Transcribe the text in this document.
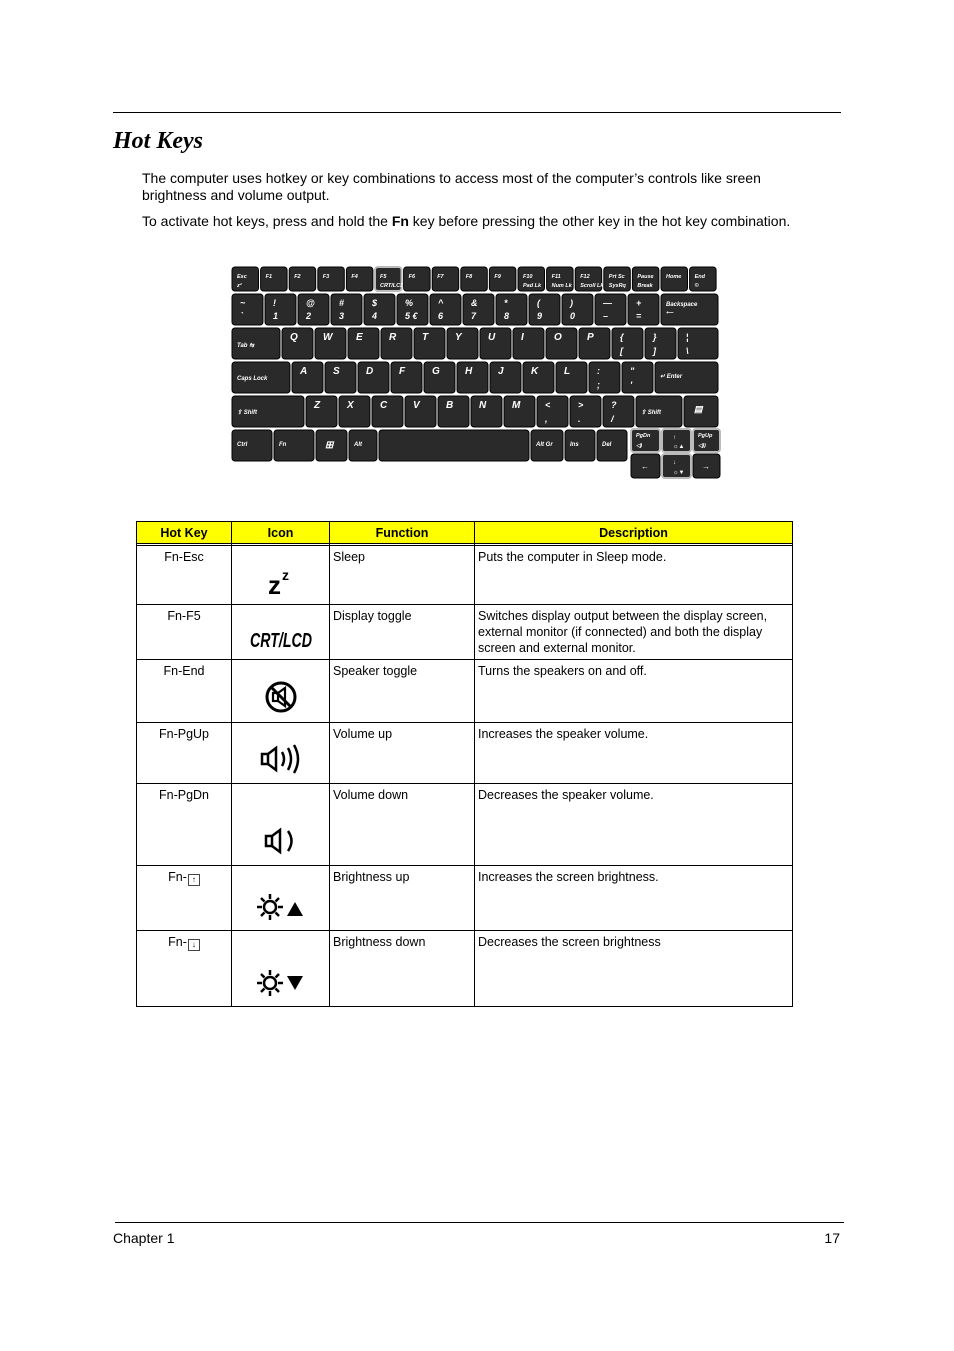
Hot Keys

The computer uses hotkey or key combinations to access most of the computer’s controls like sreen brightness and volume output.

To activate hot keys, press and hold the Fn key before pressing the other key in the hot key combination.

Esc
z²
F1	F2	F3	F4	F5
CRT/LCD
F6	F7	F8	F9	F10
Pad Lk
F11
Num Lk
F12
Scroll Lk
Prt Sc
SysRq
Pause
Break
Home End
©
~
`
!
1
@
2
#
3
$
4
%
5 €
^
6
&
7
*
8
(
9
)
0
—
–
+
=
Backspace
⟵
Tab ⇆
Q	W E	R	T	Y	U	I	O	P	{
[
}
]
¦
\
Caps Lock
A	S	D	F	G	H	J	K	L	:
;
"
'
↵ Enter
⇧ Shift
Z	X	C	V	B	N	M	<
,
>
.
?
/
⇧ Shift	▤
Ctrl	Fn	⊞	Alt	Alt Gr	Ins	Del
PgDn
◁)
↑
☼▲
PgUp
◁))
←	↓
☼▼
→
Hot Key	Icon	Function	Description

Fn-Esc	z z	Sleep	Puts the computer in Sleep mode.
Fn-F5	CRT/LCD	Display toggle	Switches display output between the display screen, external monitor (if connected) and both the display screen and external monitor.
Fn-End		Speaker toggle	Turns the speakers on and off.
Fn-PgUp		Volume up	Increases the speaker volume.
Fn-PgDn		Volume down	Decreases the speaker volume.
Fn- ↑		Brightness up	Increases the screen brightness.
Fn- ↓		Brightness down	Decreases the screen brightness
Chapter 1	17
